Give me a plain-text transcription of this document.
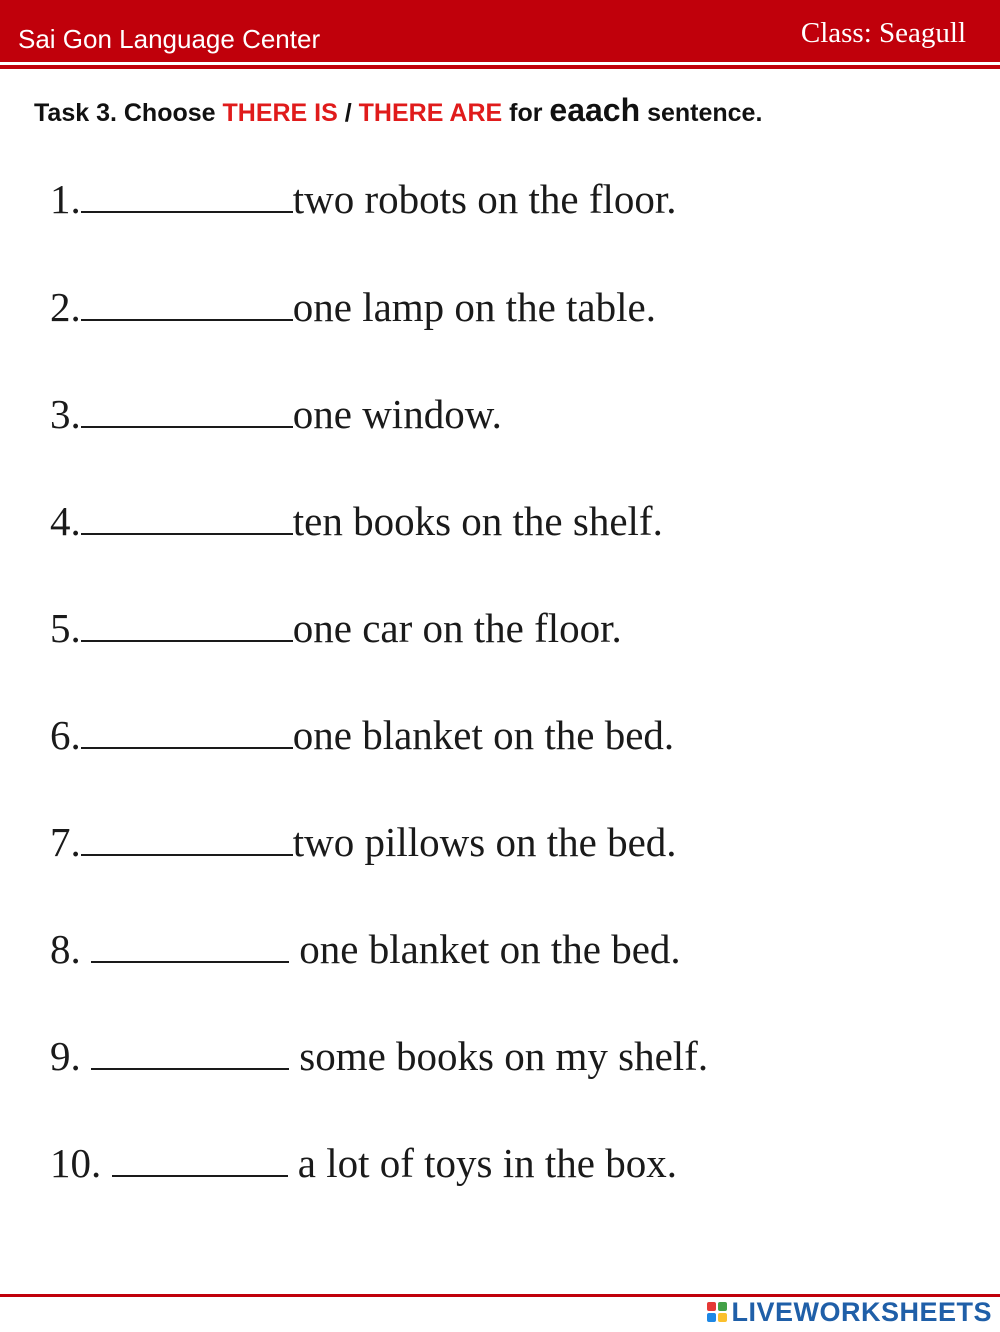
Sai Gon Language Center	Class: Seagull
Task 3. Choose THERE IS / THERE ARE for eaach sentence.
1.	two robots on the floor.
2.	one lamp on the table.
3.	one window.
4.	ten books on the shelf.
5.	one car on the floor.
6.	one blanket on the bed.
7.	two pillows on the bed.
8.	one blanket on the bed.
9.	some books on my shelf.
10.	a lot of toys in the box.
LIVEWORKSHEETS
